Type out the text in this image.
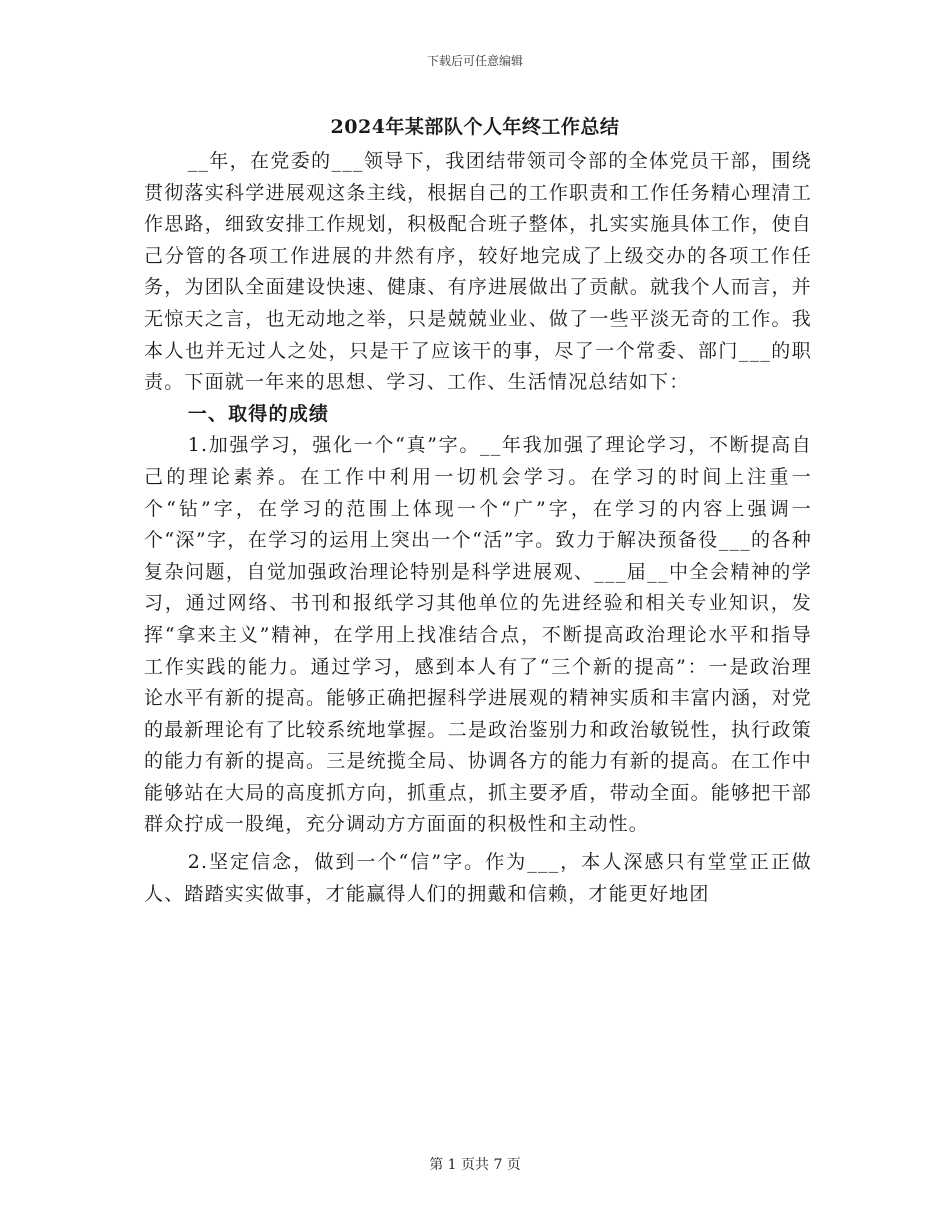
下载后可任意编辑
2024年某部队个人年终工作总结

__年，在党委的___领导下，我团结带领司令部的全体党员干部，围绕贯彻落实科学进展观这条主线，根据自己的工作职责和工作任务精心理清工作思路，细致安排工作规划，积极配合班子整体，扎实实施具体工作，使自己分管的各项工作进展的井然有序，较好地完成了上级交办的各项工作任务，为团队全面建设快速、健康、有序进展做出了贡献。就我个人而言，并无惊天之言，也无动地之举，只是兢兢业业、做了一些平淡无奇的工作。我本人也并无过人之处，只是干了应该干的事，尽了一个常委、部门___的职责。下面就一年来的思想、学习、工作、生活情况总结如下：

一、取得的成绩

1.加强学习，强化一个“真”字。__年我加强了理论学习，不断提高自己的理论素养。在工作中利用一切机会学习。在学习的时间上注重一个“钻”字，在学习的范围上体现一个“广”字，在学习的内容上强调一个“深”字，在学习的运用上突出一个“活”字。致力于解决预备役___的各种复杂问题，自觉加强政治理论特别是科学进展观、___届__中全会精神的学习，通过网络、书刊和报纸学习其他单位的先进经验和相关专业知识，发挥“拿来主义”精神，在学用上找准结合点，不断提高政治理论水平和指导工作实践的能力。通过学习，感到本人有了“三个新的提高”：一是政治理论水平有新的提高。能够正确把握科学进展观的精神实质和丰富内涵，对党的最新理论有了比较系统地掌握。二是政治鉴别力和政治敏锐性，执行政策的能力有新的提高。三是统揽全局、协调各方的能力有新的提高。在工作中能够站在大局的高度抓方向，抓重点，抓主要矛盾，带动全面。能够把干部群众拧成一股绳，充分调动方方面面的积极性和主动性。

2.坚定信念，做到一个“信”字。作为___，本人深感只有堂堂正正做人、踏踏实实做事，才能赢得人们的拥戴和信赖，才能更好地团

第 1 页共 7 页
